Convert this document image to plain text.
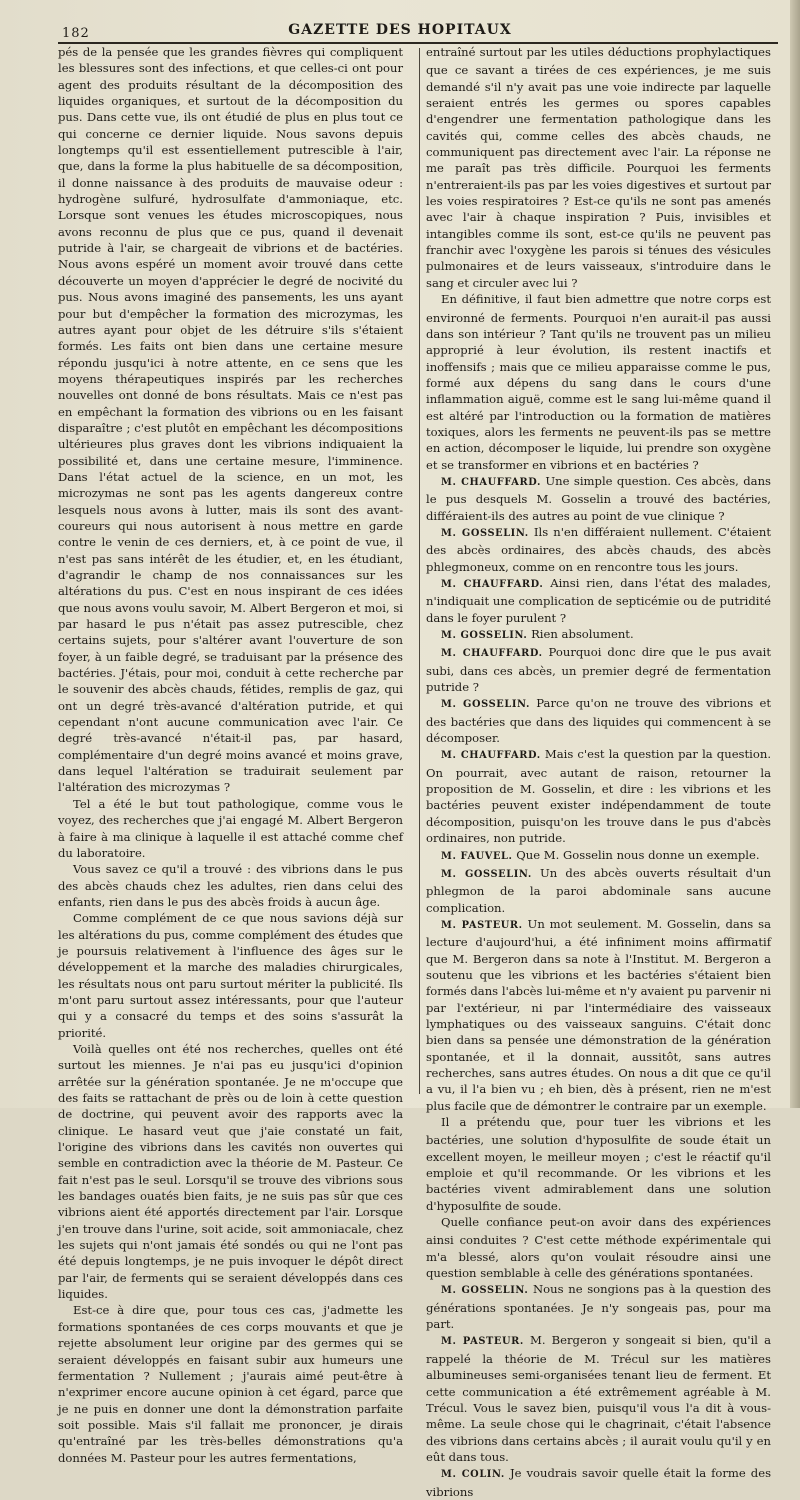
182	GAZETTE DES HOPITAUX

pés de la pensée que les grandes fièvres qui compliquent les blessures sont des infections, et que celles-ci ont pour agent des produits résultant de la décomposition des liquides organiques, et surtout de la décomposition du pus. Dans cette vue, ils ont étudié de plus en plus tout ce qui concerne ce dernier liquide. Nous savons depuis longtemps qu'il est essentiellement putrescible à l'air, que, dans la forme la plus habituelle de sa décomposition, il donne naissance à des produits de mauvaise odeur : hydrogène sulfuré, hydrosulfate d'ammoniaque, etc. Lorsque sont venues les études microscopiques, nous avons reconnu de plus que ce pus, quand il devenait putride à l'air, se chargeait de vibrions et de bactéries. Nous avons espéré un moment avoir trouvé dans cette découverte un moyen d'apprécier le degré de nocivité du pus. Nous avons imaginé des pansements, les uns ayant pour but d'empêcher la formation des microzymas, les autres ayant pour objet de les détruire s'ils s'étaient formés. Les faits ont bien dans une certaine mesure répondu jusqu'ici à notre attente, en ce sens que les moyens thérapeutiques inspirés par les recherches nouvelles ont donné de bons résultats. Mais ce n'est pas en empêchant la formation des vibrions ou en les faisant disparaître ; c'est plutôt en empêchant les décompositions ultérieures plus graves dont les vibrions indiquaient la possibilité et, dans une certaine mesure, l'imminence. Dans l'état actuel de la science, en un mot, les microzymas ne sont pas les agents dangereux contre lesquels nous avons à lutter, mais ils sont des avant-coureurs qui nous autorisent à nous mettre en garde contre le venin de ces derniers, et, à ce point de vue, il n'est pas sans intérêt de les étudier, et, en les étudiant, d'agrandir le champ de nos connaissances sur les altérations du pus. C'est en nous inspirant de ces idées que nous avons voulu savoir, M. Albert Bergeron et moi, si par hasard le pus n'était pas assez putrescible, chez certains sujets, pour s'altérer avant l'ouverture de son foyer, à un faible degré, se traduisant par la présence des bactéries. J'étais, pour moi, conduit à cette recherche par le souvenir des abcès chauds, fétides, remplis de gaz, qui ont un degré très-avancé d'altération putride, et qui cependant n'ont aucune communication avec l'air. Ce degré très-avancé n'était-il pas, par hasard, complémentaire d'un degré moins avancé et moins grave, dans lequel l'altération se traduirait seulement par l'altération des microzymas ?

Tel a été le but tout pathologique, comme vous le voyez, des recherches que j'ai engagé M. Albert Bergeron à faire à ma clinique à laquelle il est attaché comme chef du laboratoire.

Vous savez ce qu'il a trouvé : des vibrions dans le pus des abcès chauds chez les adultes, rien dans celui des enfants, rien dans le pus des abcès froids à aucun âge.

Comme complément de ce que nous savions déjà sur les altérations du pus, comme complément des études que je poursuis relativement à l'influence des âges sur le développement et la marche des maladies chirurgicales, les résultats nous ont paru surtout mériter la publicité. Ils m'ont paru surtout assez intéressants, pour que l'auteur qui y a consacré du temps et des soins s'assurât la priorité.

Voilà quelles ont été nos recherches, quelles ont été surtout les miennes. Je n'ai pas eu jusqu'ici d'opinion arrêtée sur la génération spontanée. Je ne m'occupe que des faits se rattachant de près ou de loin à cette question de doctrine, qui peuvent avoir des rapports avec la clinique. Le hasard veut que j'aie constaté un fait, l'origine des vibrions dans les cavités non ouvertes qui semble en contradiction avec la théorie de M. Pasteur. Ce fait n'est pas le seul. Lorsqu'il se trouve des vibrions sous les bandages ouatés bien faits, je ne suis pas sûr que ces vibrions aient été apportés directement par l'air. Lorsque j'en trouve dans l'urine, soit acide, soit ammoniacale, chez les sujets qui n'ont jamais été sondés ou qui ne l'ont pas été depuis longtemps, je ne puis invoquer le dépôt direct par l'air, de ferments qui se seraient développés dans ces liquides.

Est-ce à dire que, pour tous ces cas, j'admette les formations spontanées de ces corps mouvants et que je rejette absolument leur origine par des germes qui se seraient développés en faisant subir aux humeurs une fermentation ? Nullement ; j'aurais aimé peut-être à n'exprimer encore aucune opinion à cet égard, parce que je ne puis en donner une dont la démonstration parfaite soit possible. Mais s'il fallait me prononcer, je dirais qu'entraîné par les très-belles démonstrations qu'a données M. Pasteur pour les autres fermentations,

entraîné surtout par les utiles déductions prophylactiques que ce savant a tirées de ces expériences, je me suis demandé s'il n'y avait pas une voie indirecte par laquelle seraient entrés les germes ou spores capables d'engendrer une fermentation pathologique dans les cavités qui, comme celles des abcès chauds, ne communiquent pas directement avec l'air. La réponse ne me paraît pas très difficile. Pourquoi les ferments n'entreraient-ils pas par les voies digestives et surtout par les voies respiratoires ? Est-ce qu'ils ne sont pas amenés avec l'air à chaque inspiration ? Puis, invisibles et intangibles comme ils sont, est-ce qu'ils ne peuvent pas franchir avec l'oxygène les parois si ténues des vésicules pulmonaires et de leurs vaisseaux, s'introduire dans le sang et circuler avec lui ?

En définitive, il faut bien admettre que notre corps est environné de ferments. Pourquoi n'en aurait-il pas aussi dans son intérieur ? Tant qu'ils ne trouvent pas un milieu approprié à leur évolution, ils restent inactifs et inoffensifs ; mais que ce milieu apparaisse comme le pus, formé aux dépens du sang dans le cours d'une inflammation aiguë, comme est le sang lui-même quand il est altéré par l'introduction ou la formation de matières toxiques, alors les ferments ne peuvent-ils pas se mettre en action, décomposer le liquide, lui prendre son oxygène et se transformer en vibrions et en bactéries ?

M. CHAUFFARD. Une simple question. Ces abcès, dans le pus desquels M. Gosselin a trouvé des bactéries, différaient-ils des autres au point de vue clinique ?

M. GOSSELIN. Ils n'en différaient nullement. C'étaient des abcès ordinaires, des abcès chauds, des abcès phlegmoneux, comme on en rencontre tous les jours.

M. CHAUFFARD. Ainsi rien, dans l'état des malades, n'indiquait une complication de septicémie ou de putridité dans le foyer purulent ?

M. GOSSELIN. Rien absolument.

M. CHAUFFARD. Pourquoi donc dire que le pus avait subi, dans ces abcès, un premier degré de fermentation putride ?

M. GOSSELIN. Parce qu'on ne trouve des vibrions et des bactéries que dans des liquides qui commencent à se décomposer.

M. CHAUFFARD. Mais c'est la question par la question. On pourrait, avec autant de raison, retourner la proposition de M. Gosselin, et dire : les vibrions et les bactéries peuvent exister indépendamment de toute décomposition, puisqu'on les trouve dans le pus d'abcès ordinaires, non putride.

M. FAUVEL. Que M. Gosselin nous donne un exemple.

M. GOSSELIN. Un des abcès ouverts résultait d'un phlegmon de la paroi abdominale sans aucune complication.

M. PASTEUR. Un mot seulement. M. Gosselin, dans sa lecture d'aujourd'hui, a été infiniment moins affirmatif que M. Bergeron dans sa note à l'Institut. M. Bergeron a soutenu que les vibrions et les bactéries s'étaient bien formés dans l'abcès lui-même et n'y avaient pu parvenir ni par l'extérieur, ni par l'intermédiaire des vaisseaux lymphatiques ou des vaisseaux sanguins. C'était donc bien dans sa pensée une démonstration de la génération spontanée, et il la donnait, aussitôt, sans autres recherches, sans autres études. On nous a dit que ce qu'il a vu, il l'a bien vu ; eh bien, dès à présent, rien ne m'est plus facile que de démontrer le contraire par un exemple.

Il a prétendu que, pour tuer les vibrions et les bactéries, une solution d'hyposulfite de soude était un excellent moyen, le meilleur moyen ; c'est le réactif qu'il emploie et qu'il recommande. Or les vibrions et les bactéries vivent admirablement dans une solution d'hyposulfite de soude.

Quelle confiance peut-on avoir dans des expériences ainsi conduites ? C'est cette méthode expérimentale qui m'a blessé, alors qu'on voulait résoudre ainsi une question semblable à celle des générations spontanées.

M. GOSSELIN. Nous ne songions pas à la question des générations spontanées. Je n'y songeais pas, pour ma part.

M. PASTEUR. M. Bergeron y songeait si bien, qu'il a rappelé la théorie de M. Trécul sur les matières albumineuses semi-organisées tenant lieu de ferment. Et cette communication a été extrêmement agréable à M. Trécul. Vous le savez bien, puisqu'il vous l'a dit à vous-même. La seule chose qui le chagrinait, c'était l'absence des vibrions dans certains abcès ; il aurait voulu qu'il y en eût dans tous.

M. COLIN. Je voudrais savoir quelle était la forme des vibrions
